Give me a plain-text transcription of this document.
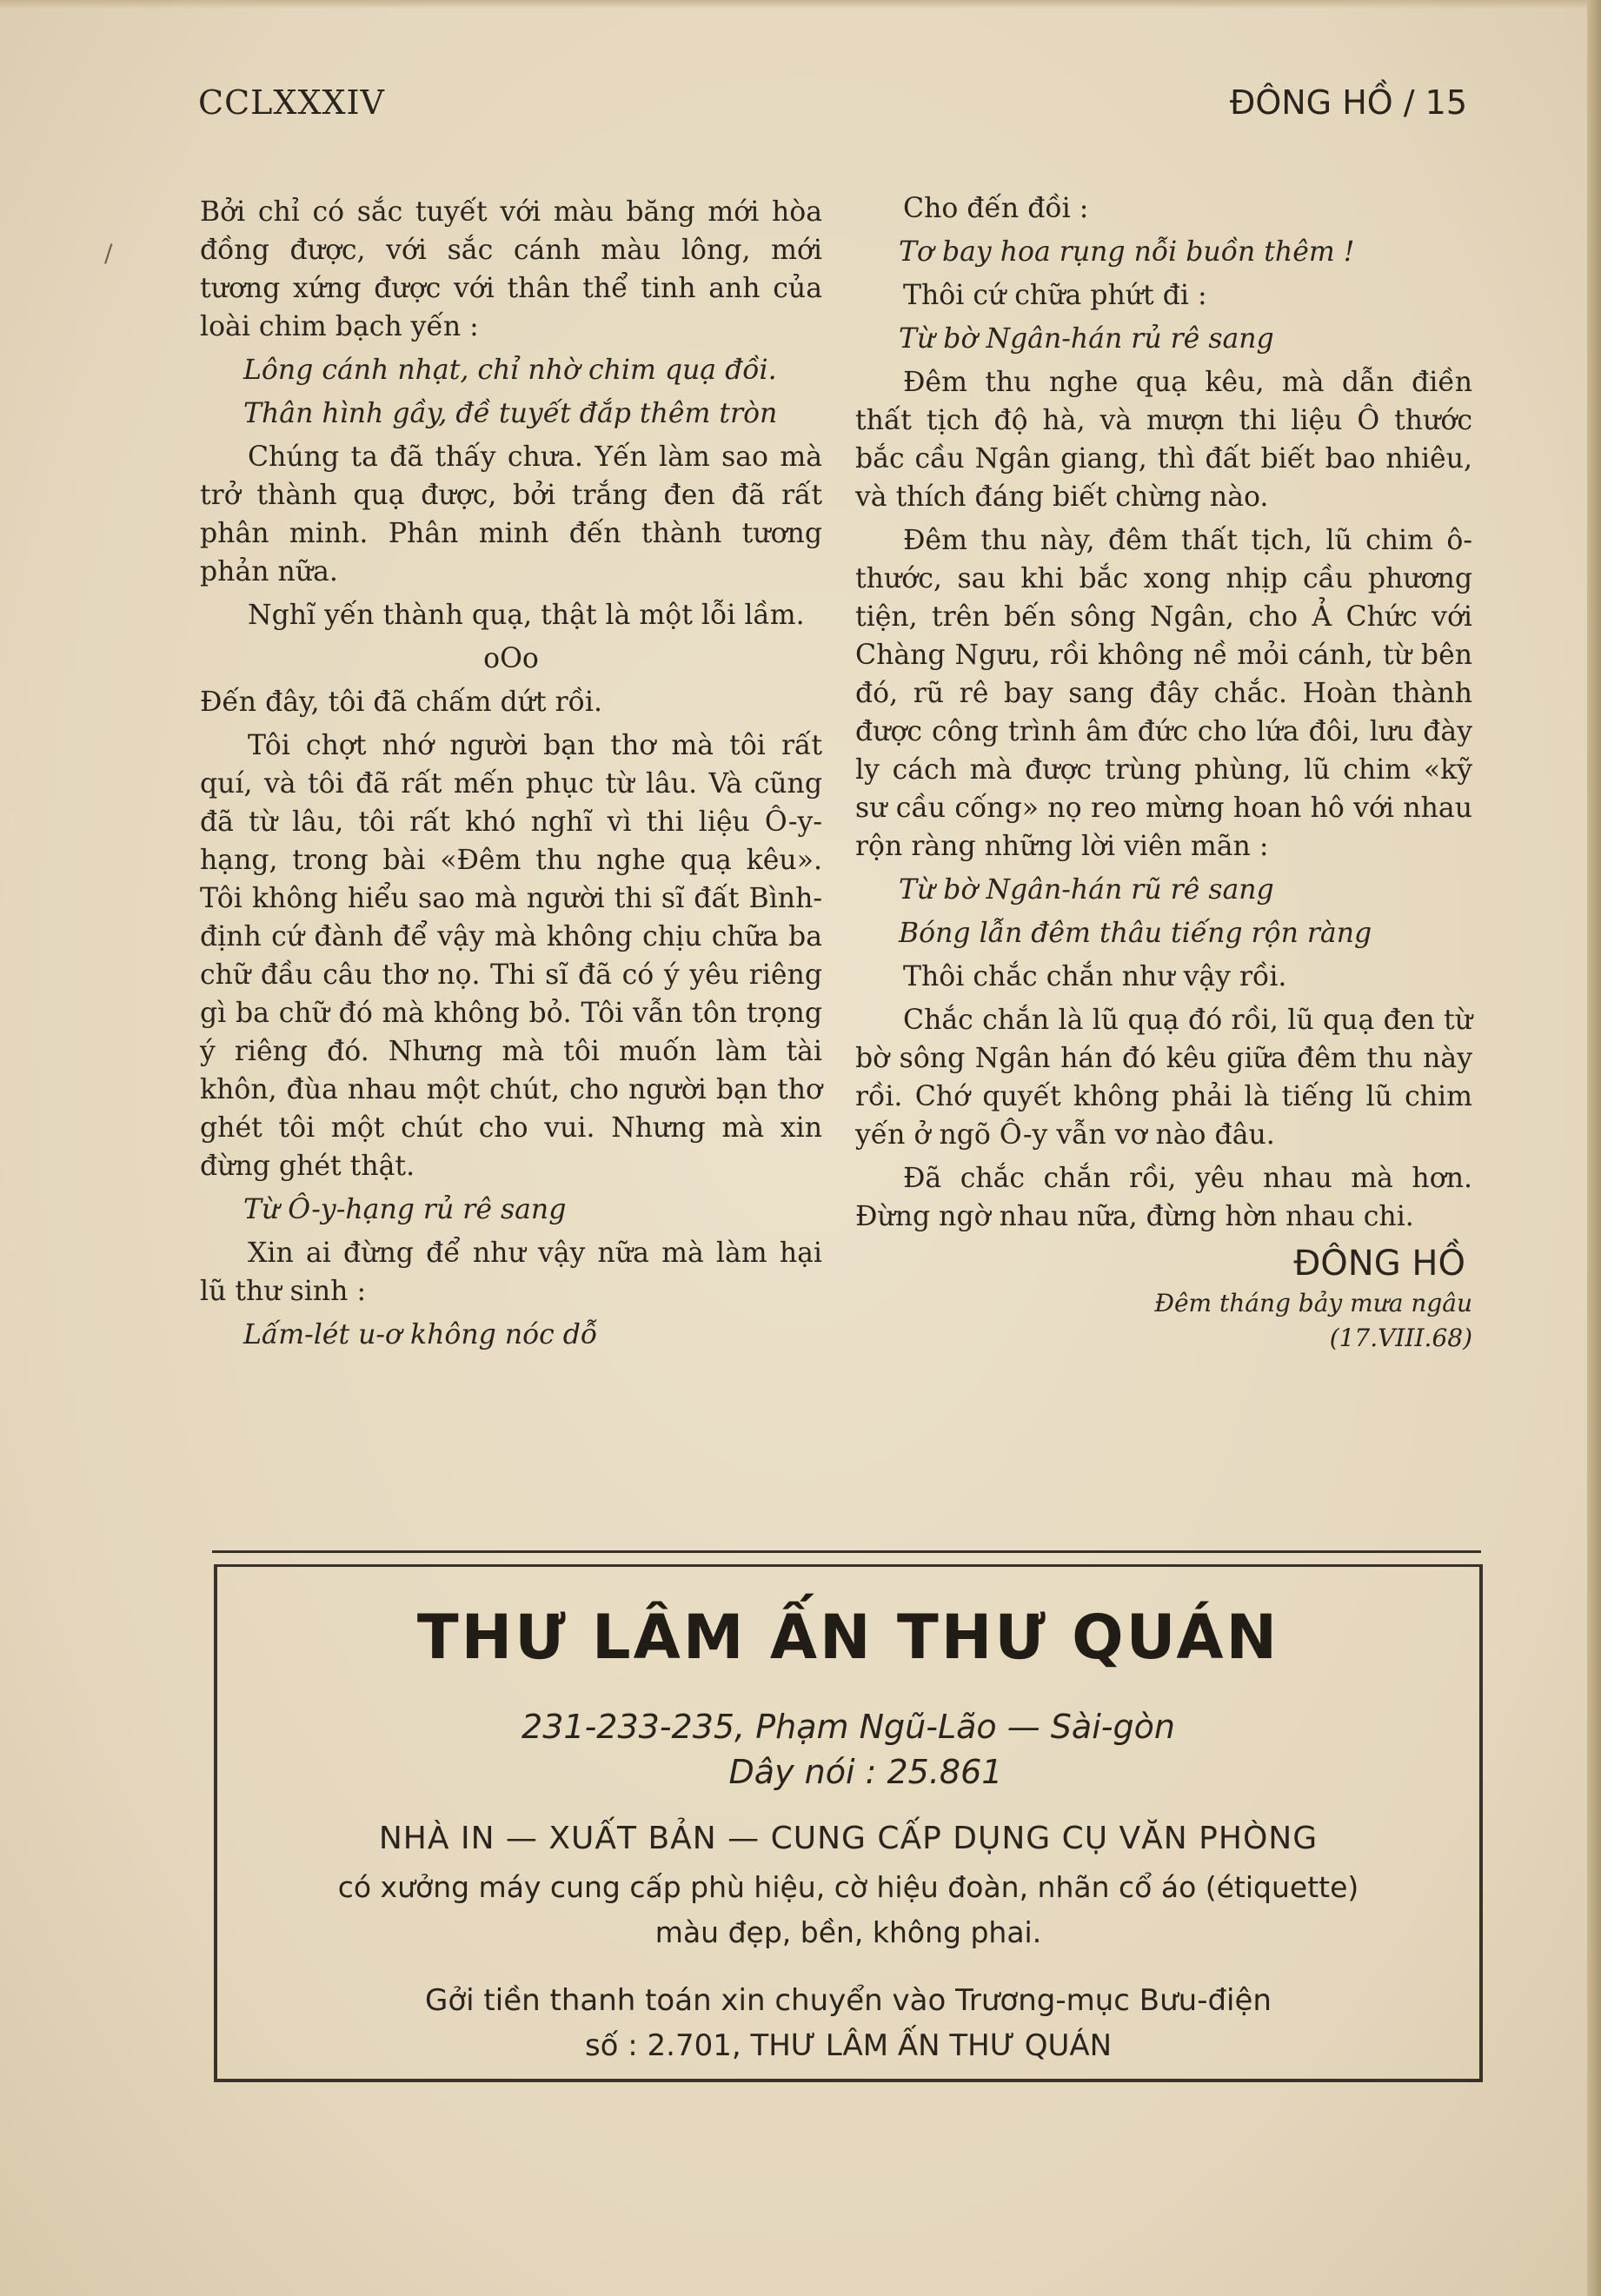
/
CCLXXXIV	ĐÔNG HỒ / 15

Bởi chỉ có sắc tuyết với màu băng mới hòa đồng được, với sắc cánh màu lông, mới tương xứng được với thân thể tinh anh của loài chim bạch yến :

Lông cánh nhạt, chỉ nhờ chim quạ đồi.

Thân hình gầy, đề tuyết đắp thêm tròn

Chúng ta đã thấy chưa. Yến làm sao mà trở thành quạ được, bởi trắng đen đã rất phân minh. Phân minh đến thành tương phản nữa.

Nghĩ yến thành quạ, thật là một lỗi lầm.

oOo

Đến đây, tôi đã chấm dứt rồi.

Tôi chợt nhớ người bạn thơ mà tôi rất quí, và tôi đã rất mến phục từ lâu. Và cũng đã từ lâu, tôi rất khó nghĩ vì thi liệu Ô-y-hạng, trong bài «Đêm thu nghe quạ kêu». Tôi không hiểu sao mà người thi sĩ đất Bình-định cứ đành để vậy mà không chịu chữa ba chữ đầu câu thơ nọ. Thi sĩ đã có ý yêu riêng gì ba chữ đó mà không bỏ. Tôi vẫn tôn trọng ý riêng đó. Nhưng mà tôi muốn làm tài khôn, đùa nhau một chút, cho người bạn thơ ghét tôi một chút cho vui. Nhưng mà xin đừng ghét thật.

Từ Ô-y-hạng rủ rê sang

Xin ai đừng để như vậy nữa mà làm hại lũ thư sinh :

Lấm-lét u-ơ không nóc dỗ

Cho đến đồi :

Tơ bay hoa rụng nỗi buồn thêm !

Thôi cứ chữa phứt đi :

Từ bờ Ngân-hán rủ rê sang

Đêm thu nghe quạ kêu, mà dẫn điền thất tịch độ hà, và mượn thi liệu Ô thước bắc cầu Ngân giang, thì đất biết bao nhiêu, và thích đáng biết chừng nào.

Đêm thu này, đêm thất tịch, lũ chim ô-thước, sau khi bắc xong nhịp cầu phương tiện, trên bến sông Ngân, cho Ả Chức với Chàng Ngưu, rồi không nề mỏi cánh, từ bên đó, rũ rê bay sang đây chắc. Hoàn thành được công trình âm đức cho lứa đôi, lưu đày ly cách mà được trùng phùng, lũ chim «kỹ sư cầu cống» nọ reo mừng hoan hô với nhau rộn ràng những lời viên mãn :

Từ bờ Ngân-hán rũ rê sang

Bóng lẫn đêm thâu tiếng rộn ràng

Thôi chắc chắn như vậy rồi.

Chắc chắn là lũ quạ đó rồi, lũ quạ đen từ bờ sông Ngân hán đó kêu giữa đêm thu này rồi. Chớ quyết không phải là tiếng lũ chim yến ở ngõ Ô-y vẫn vơ nào đâu.

Đã chắc chắn rồi, yêu nhau mà hơn. Đừng ngờ nhau nữa, đừng hờn nhau chi.

ĐÔNG HỒ
Đêm tháng bảy mưa ngâu
(17.VIII.68)
THƯ LÂM ẤN THƯ QUÁN
231-233-235, Phạm Ngũ-Lão — Sài-gòn
Dây nói : 25.861
NHÀ IN — XUẤT BẢN — CUNG CẤP DỤNG CỤ VĂN PHÒNG
có xưởng máy cung cấp phù hiệu, cờ hiệu đoàn, nhãn cổ áo (étiquette)
màu đẹp, bền, không phai.
Gởi tiền thanh toán xin chuyển vào Trương-mục Bưu-điện
số : 2.701, THƯ LÂM ẤN THƯ QUÁN
